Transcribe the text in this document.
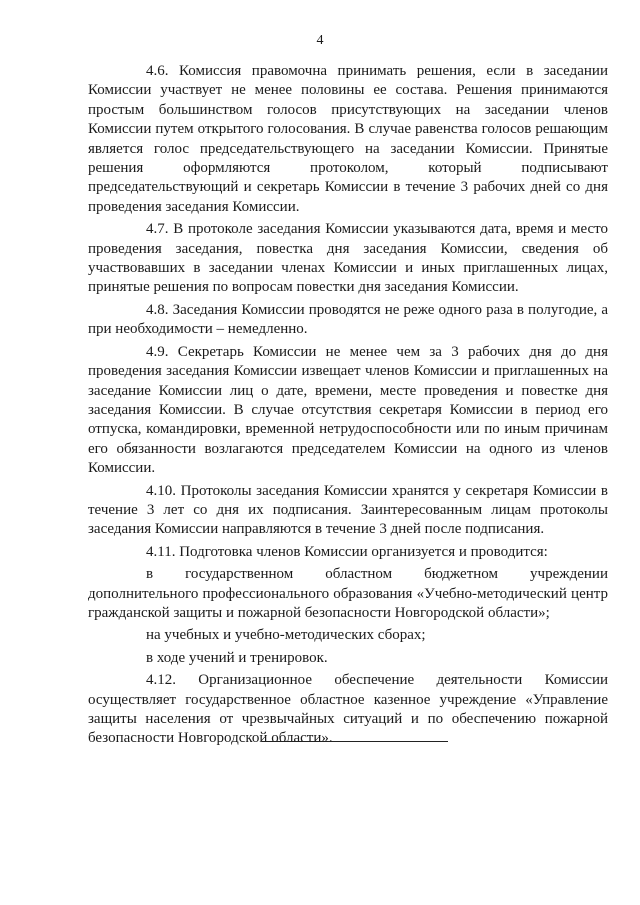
4

4.6. Комиссия правомочна принимать решения, если в заседании Комиссии участвует не менее половины ее состава. Решения принимаются простым большинством голосов присутствующих на заседании членов Комиссии путем открытого голосования. В случае равенства голосов решающим является голос председательствующего на заседании Комиссии. Принятые решения оформляются протоколом, который подписывают председательствующий и секретарь Комиссии в течение 3 рабочих дней со дня проведения заседания Комиссии.

4.7. В протоколе заседания Комиссии указываются дата, время и место проведения заседания, повестка дня заседания Комиссии, сведения об участвовавших в заседании членах Комиссии и иных приглашенных лицах, принятые решения по вопросам повестки дня заседания Комиссии.

4.8. Заседания Комиссии проводятся не реже одного раза в полугодие, а при необходимости – немедленно.

4.9. Секретарь Комиссии не менее чем за 3 рабочих дня до дня проведения заседания Комиссии извещает членов Комиссии и приглашенных на заседание Комиссии лиц о дате, времени, месте проведения и повестке дня заседания Комиссии. В случае отсутствия секретаря Комиссии в период его отпуска, командировки, временной нетрудоспособности или по иным причинам его обязанности возлагаются председателем Комиссии на одного из членов Комиссии.

4.10. Протоколы заседания Комиссии хранятся у секретаря Комиссии в течение 3 лет со дня их подписания. Заинтересованным лицам протоколы заседания Комиссии направляются в течение 3 дней после подписания.

4.11. Подготовка членов Комиссии организуется и проводится:

в государственном областном бюджетном учреждении дополнительного профессионального образования «Учебно-методический центр гражданской защиты и пожарной безопасности Новгородской области»;

на учебных и учебно-методических сборах;

в ходе учений и тренировок.

4.12. Организационное обеспечение деятельности Комиссии осуществляет государственное областное казенное учреждение «Управление защиты населения от чрезвычайных ситуаций и по обеспечению пожарной безопасности Новгородской области».
